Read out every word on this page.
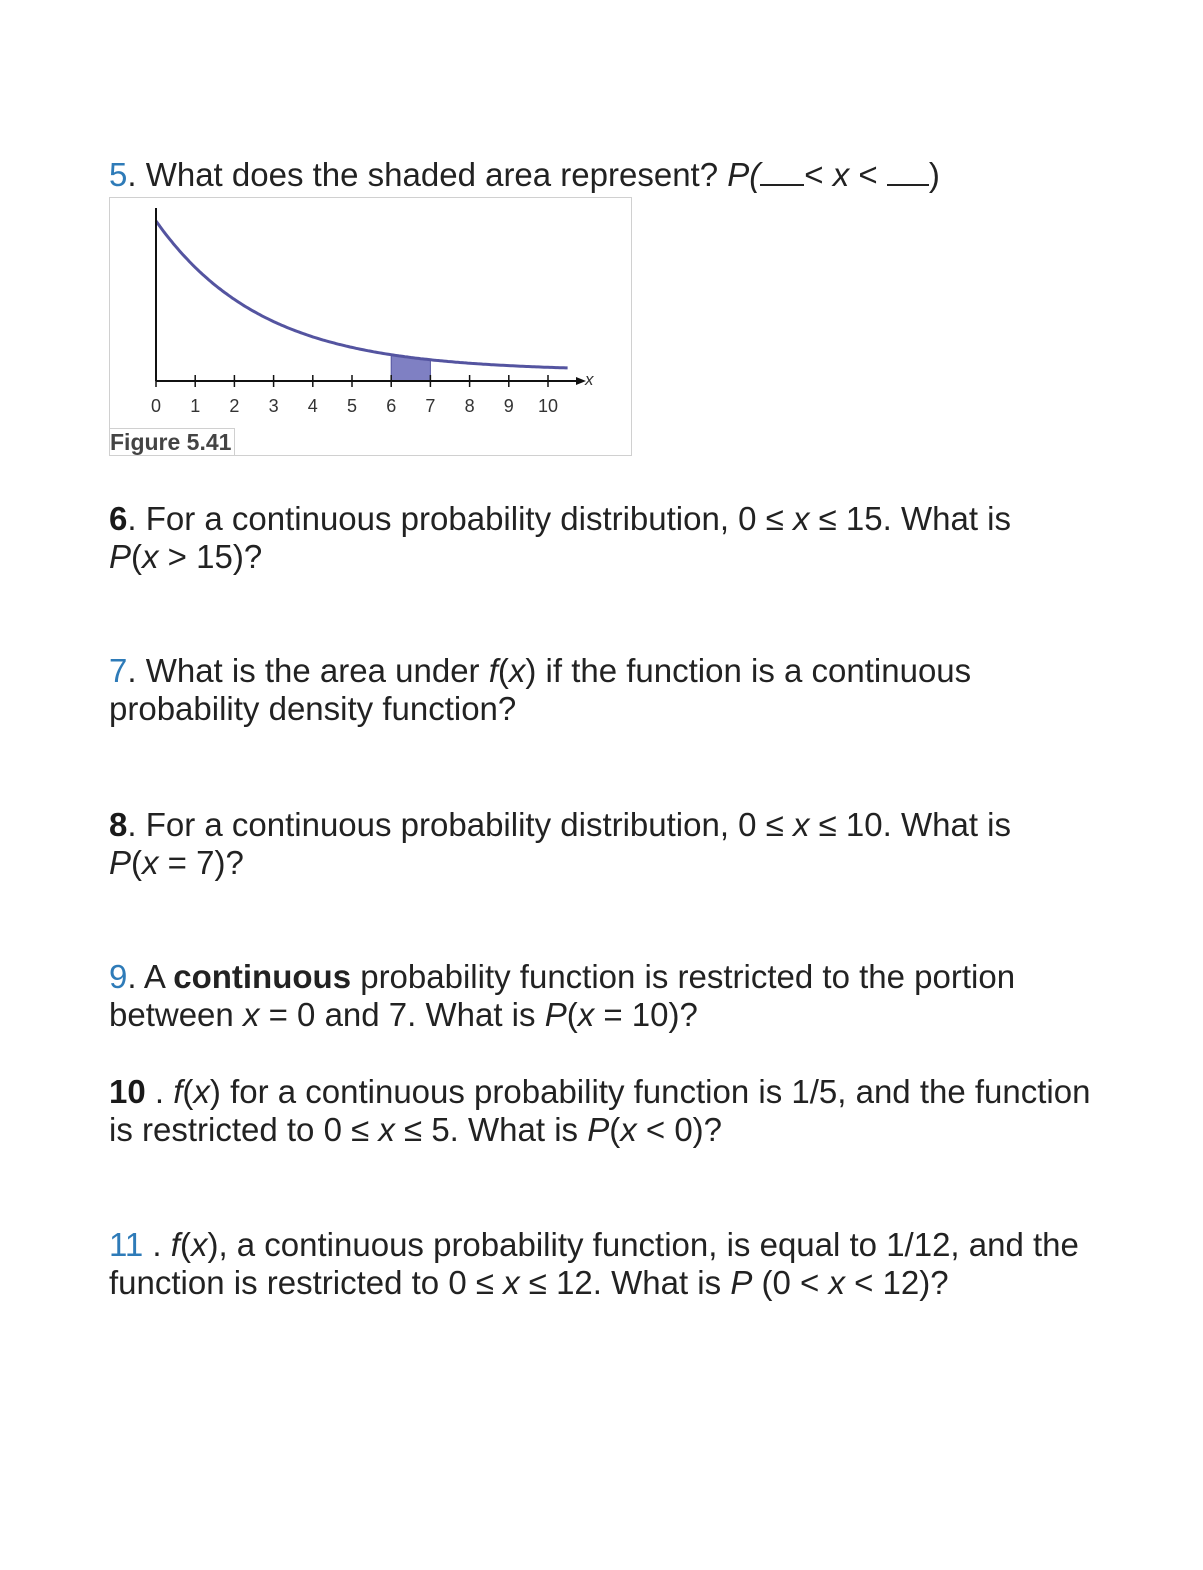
5. What does the shaded area represent? P( < x < )

x
0 1 2 3 4 5 6 7 8 9 10
Figure 5.41

6. For a continuous probability distribution, 0 ≤ x ≤ 15. What is
P(x > 15)?

7. What is the area under f(x) if the function is a continuous probability density function?

8. For a continuous probability distribution, 0 ≤ x ≤ 10. What is
P(x = 7)?

9. A continuous probability function is restricted to the portion between x = 0 and 7. What is P(x = 10)?

10 . f(x) for a continuous probability function is 1/5, and the function is restricted to 0 ≤ x ≤ 5. What is P(x < 0)?

11 . f(x), a continuous probability function, is equal to 1/12, and the function is restricted to 0 ≤ x ≤ 12. What is P (0 < x < 12)?
